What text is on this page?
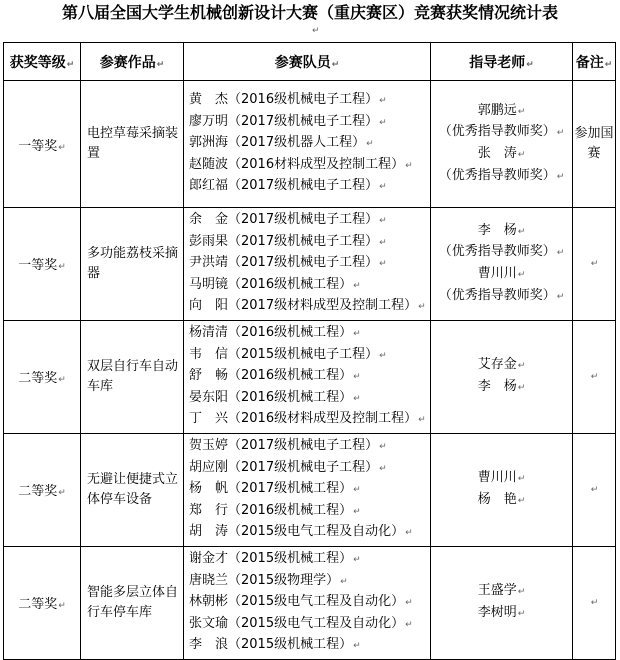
第八届全国大学生机械创新设计大赛（重庆赛区）竞赛获奖情况统计表
↵
获奖等级↵	参赛作品↵	参赛队员↵	指导老师↵	备注↵
一等奖↵	电控草莓采摘装置	黄　杰（2016级机械电子工程）↵
廖万明（2017级机械电子工程）↵
郭洲海（2017级机器人工程）↵
赵随波（2016材料成型及控制工程）↵
郎红福（2017级机械电子工程）↵	郭鹏远↵
（优秀指导教师奖）↵
张　涛↵
（优秀指导教师奖）↵	参加国赛
一等奖↵	多功能荔枝采摘器	余　金（2017级机械电子工程）↵
彭雨果（2017级机械电子工程）↵
尹洪靖（2017级机械电子工程）↵
马明镜（2016级机械工程）↵
向　阳（2017级材料成型及控制工程）↵	李　杨↵
（优秀指导教师奖）↵
曹川川↵
（优秀指导教师奖）↵	↵
二等奖↵	双层自行车自动车库	杨清清（2016级机械工程）↵
韦　信（2015级机械电子工程）↵
舒　畅（2016级机械工程）↵
晏东阳（2016级机械工程）↵
丁　兴（2016级材料成型及控制工程）↵	艾存金↵
李　杨↵	↵
二等奖↵	无避让便捷式立体停车设备	贺玉婷（2017级机械电子工程）↵
胡应刚（2017级机械电子工程）↵
杨　帆（2017级机械工程）↵
郑　行（2016级机械工程）↵
胡　涛（2015级电气工程及自动化）↵	曹川川↵
杨　艳↵	↵
二等奖↵	智能多层立体自行车停车库	谢金才（2015级机械工程）↵
唐晓兰（2015级物理学）↵
林朝彬（2015级电气工程及自动化）↵
张文瑜（2015级电气工程及自动化）↵
李　浪（2015级机械工程）↵	王盛学↵
李树明↵	↵
